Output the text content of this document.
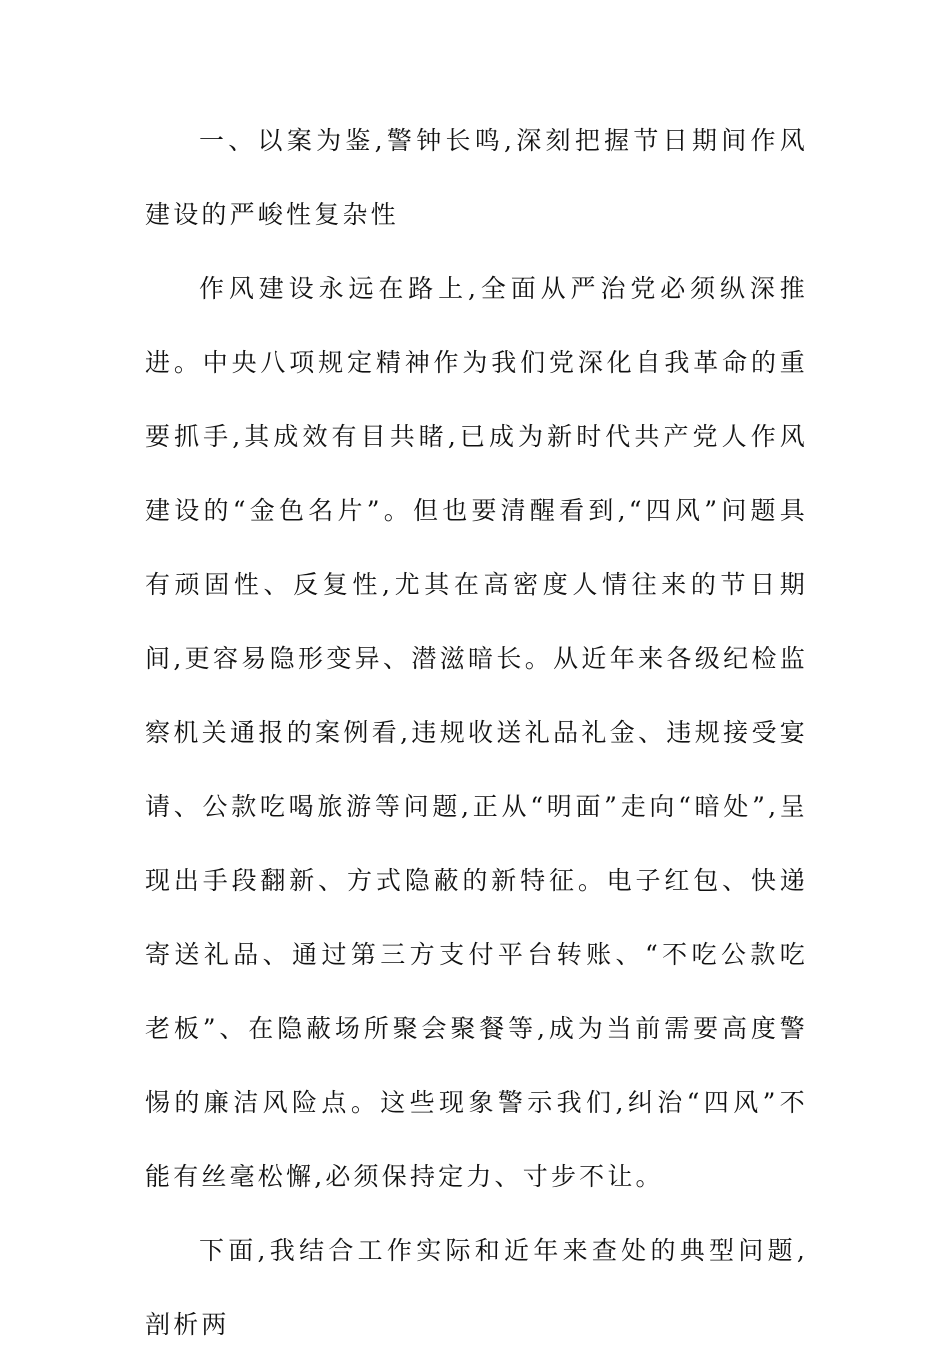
一、以案为鉴,警钟长鸣,深刻把握节日期间作风建设的严峻性复杂性

作风建设永远在路上,全面从严治党必须纵深推进。中央八项规定精神作为我们党深化自我革命的重要抓手,其成效有目共睹,已成为新时代共产党人作风建设的“金色名片”。但也要清醒看到,“四风”问题具有顽固性、反复性,尤其在高密度人情往来的节日期间,更容易隐形变异、潜滋暗长。从近年来各级纪检监察机关通报的案例看,违规收送礼品礼金、违规接受宴请、公款吃喝旅游等问题,正从“明面”走向“暗处”,呈现出手段翻新、方式隐蔽的新特征。电子红包、快递寄送礼品、通过第三方支付平台转账、“不吃公款吃老板”、在隐蔽场所聚会聚餐等,成为当前需要高度警惕的廉洁风险点。这些现象警示我们,纠治“四风”不能有丝毫松懈,必须保持定力、寸步不让。

下面,我结合工作实际和近年来查处的典型问题,剖析两
